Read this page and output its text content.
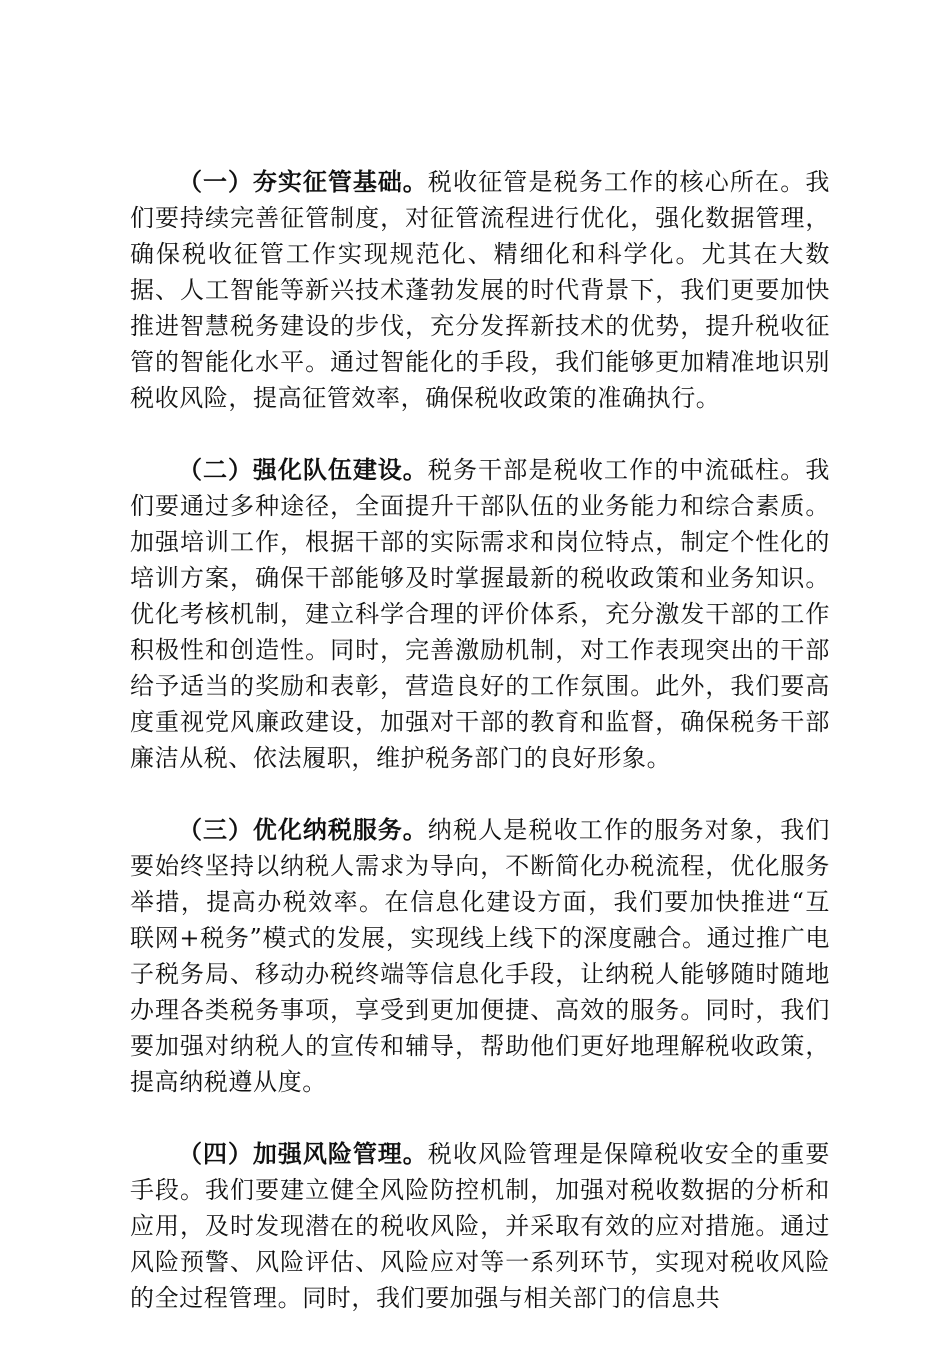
（一）夯实征管基础。税收征管是税务工作的核心所在。我们要持续完善征管制度，对征管流程进行优化，强化数据管理，确保税收征管工作实现规范化、精细化和科学化。尤其在大数据、人工智能等新兴技术蓬勃发展的时代背景下，我们更要加快推进智慧税务建设的步伐，充分发挥新技术的优势，提升税收征管的智能化水平。通过智能化的手段，我们能够更加精准地识别税收风险，提高征管效率，确保税收政策的准确执行。

（二）强化队伍建设。税务干部是税收工作的中流砥柱。我们要通过多种途径，全面提升干部队伍的业务能力和综合素质。加强培训工作，根据干部的实际需求和岗位特点，制定个性化的培训方案，确保干部能够及时掌握最新的税收政策和业务知识。优化考核机制，建立科学合理的评价体系，充分激发干部的工作积极性和创造性。同时，完善激励机制，对工作表现突出的干部给予适当的奖励和表彰，营造良好的工作氛围。此外，我们要高度重视党风廉政建设，加强对干部的教育和监督，确保税务干部廉洁从税、依法履职，维护税务部门的良好形象。

（三）优化纳税服务。纳税人是税收工作的服务对象，我们要始终坚持以纳税人需求为导向，不断简化办税流程，优化服务举措，提高办税效率。在信息化建设方面，我们要加快推进“互联网+税务”模式的发展，实现线上线下的深度融合。通过推广电子税务局、移动办税终端等信息化手段，让纳税人能够随时随地办理各类税务事项，享受到更加便捷、高效的服务。同时，我们要加强对纳税人的宣传和辅导，帮助他们更好地理解税收政策，提高纳税遵从度。

（四）加强风险管理。税收风险管理是保障税收安全的重要手段。我们要建立健全风险防控机制，加强对税收数据的分析和应用，及时发现潜在的税收风险，并采取有效的应对措施。通过风险预警、风险评估、风险应对等一系列环节，实现对税收风险的全过程管理。同时，我们要加强与相关部门的信息共
